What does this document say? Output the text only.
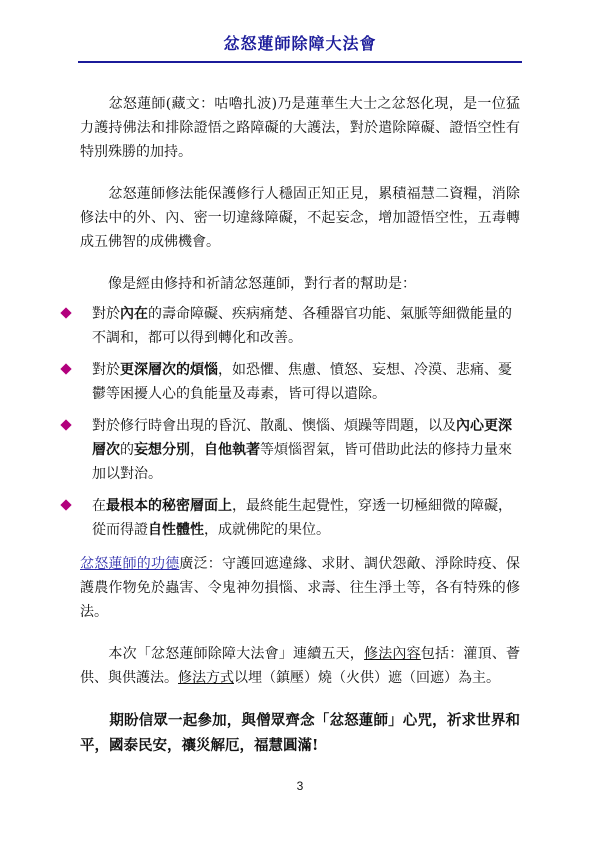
忿怒蓮師除障大法會

　　忿怒蓮師(藏文：咕嚕扎波)乃是蓮華生大士之忿怒化現，是一位猛力護持佛法和排除證悟之路障礙的大護法，對於遣除障礙、證悟空性有特別殊勝的加持。

　　忿怒蓮師修法能保護修行人穩固正知正見，累積福慧二資糧，消除修法中的外、內、密一切違緣障礙，不起妄念，增加證悟空性，五毒轉成五佛智的成佛機會。

　　像是經由修持和祈請忿怒蓮師，對行者的幫助是：

對於內在的壽命障礙、疾病痛楚、各種器官功能、氣脈等細微能量的不調和，都可以得到轉化和改善。
對於更深層次的煩惱，如恐懼、焦慮、憤怒、妄想、冷漠、悲痛、憂鬱等困擾人心的負能量及毒素，皆可得以遣除。
對於修行時會出現的昏沉、散亂、懊惱、煩躁等問題，以及內心更深層次的妄想分別，自他執著等煩惱習氣，皆可借助此法的修持力量來加以對治。
在最根本的秘密層面上，最終能生起覺性，穿透一切極細微的障礙，從而得證自性體性，成就佛陀的果位。

忿怒蓮師的功德廣泛：守護回遮違緣、求財、調伏怨敵、淨除時疫、保護農作物免於蟲害、令鬼神勿損惱、求壽、往生淨土等，各有特殊的修法。

　　本次「忿怒蓮師除障大法會」連續五天，修法內容包括：灌頂、薈供、與供護法。修法方式以埋（鎮壓）燒（火供）遮（回遮）為主。

　　期盼信眾一起參加，與僧眾齊念「忿怒蓮師」心咒，祈求世界和平，國泰民安，禳災解厄，福慧圓滿!

3
